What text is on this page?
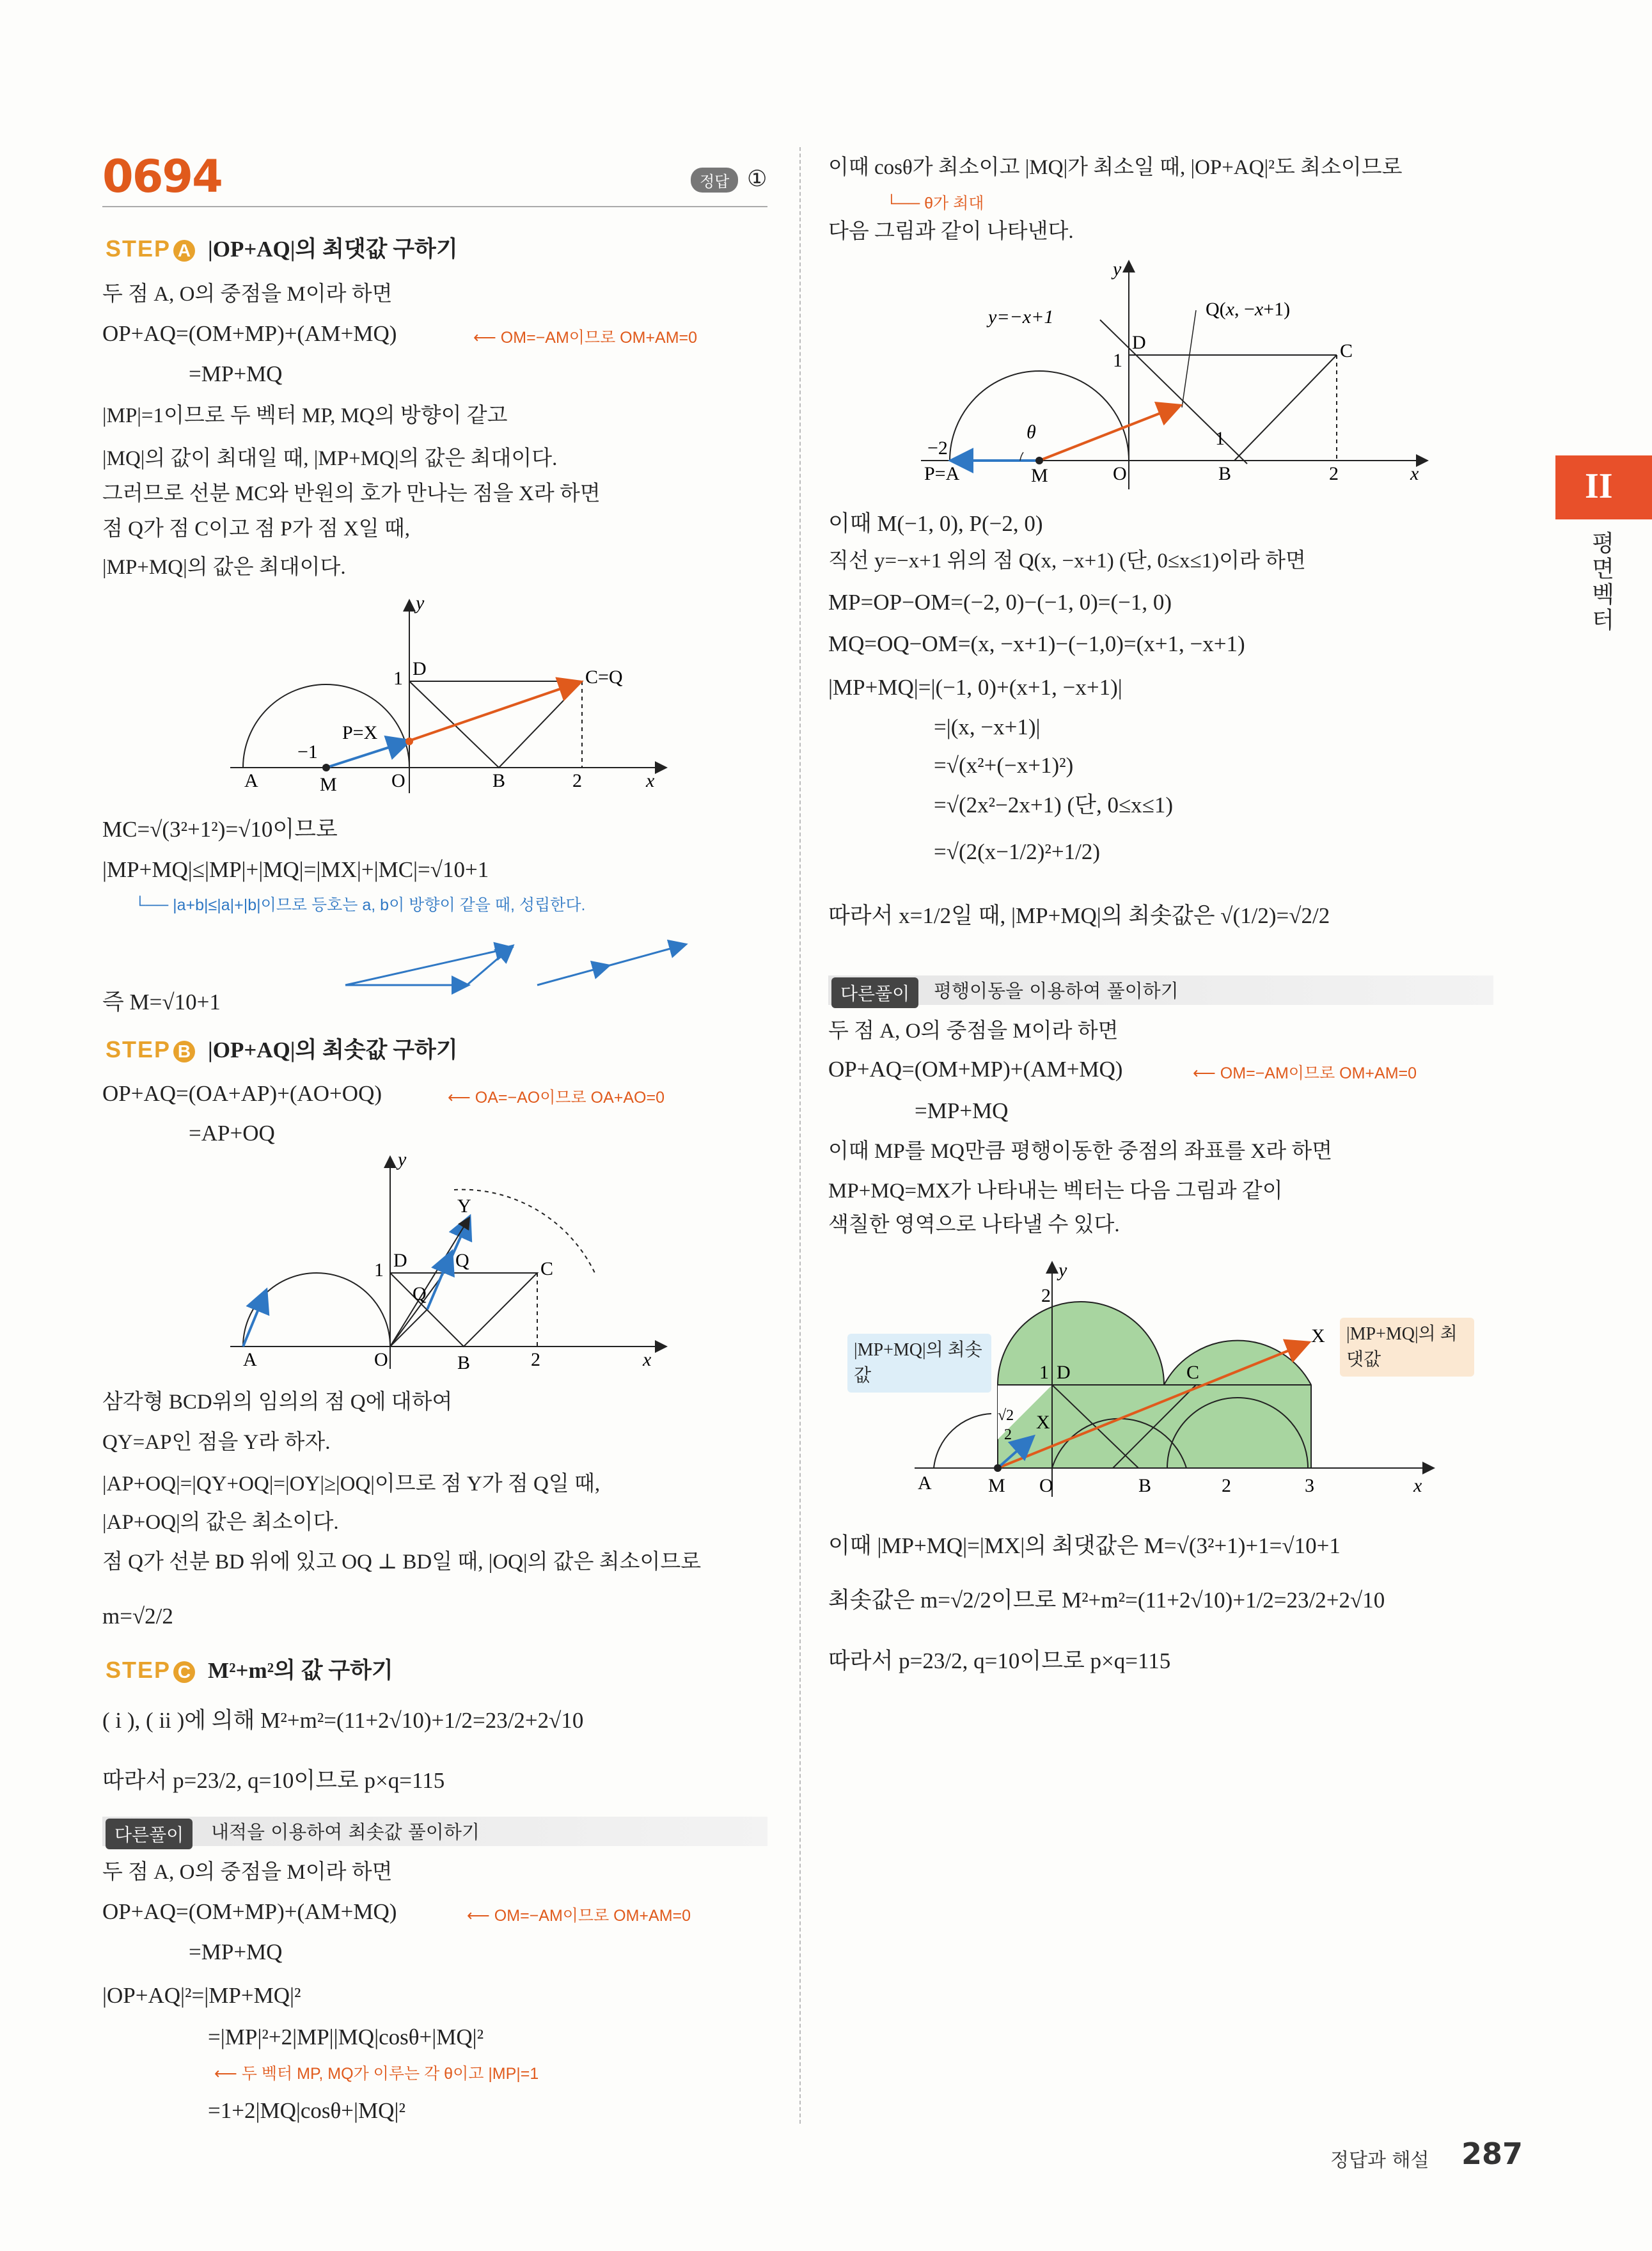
0694	정답 ①
STEP A |OP+AQ|의 최댓값 구하기
두 점 A, O의 중점을 M이라 하면
OP+AQ=(OM+MP)+(AM+MQ)	⟵ OM=−AM이므로 OM+AM=0
=MP+MQ
|MP|=1이므로 두 벡터 MP, MQ의 방향이 같고
|MQ|의 값이 최대일 때, |MP+MQ|의 값은 최대이다.
그러므로 선분 MC와 반원의 호가 만나는 점을 X라 하면
점 Q가 점 C이고 점 P가 점 X일 때,
|MP+MQ|의 값은 최대이다.
y
D
1	C=Q
P=X
−1
A	M	O	B	2	x
MC=√(3²+1²)=√10이므로
|MP+MQ|≤|MP|+|MQ|=|MX|+|MC|=√10+1
└── |a+b|≤|a|+|b|이므로 등호는 a, b이 방향이 같을 때, 성립한다.
즉 M=√10+1
STEP B |OP+AQ|의 최솟값 구하기
OP+AQ=(OA+AP)+(AO+OQ)	⟵ OA=−AO이므로 OA+AO=0
=AP+OQ
y
Y
D
1	Q	C
Q
A	O	B	2	x
삼각형 BCD위의 임의의 점 Q에 대하여
QY=AP인 점을 Y라 하자.
|AP+OQ|=|QY+OQ|=|OY|≥|OQ|이므로 점 Y가 점 Q일 때,
|AP+OQ|의 값은 최소이다.
점 Q가 선분 BD 위에 있고 OQ ⊥ BD일 때, |OQ|의 값은 최소이므로
m=√2/2
STEP C M²+m²의 값 구하기
( i ), ( ii )에 의해 M²+m²=(11+2√10)+1/2=23/2+2√10
따라서 p=23/2, q=10이므로 p×q=115
다른풀이	내적을 이용하여 최솟값 풀이하기
두 점 A, O의 중점을 M이라 하면
OP+AQ=(OM+MP)+(AM+MQ)	⟵ OM=−AM이므로 OM+AM=0
=MP+MQ
|OP+AQ|²=|MP+MQ|²
=|MP|²+2|MP||MQ|cosθ+|MQ|²
⟵ 두 벡터 MP, MQ가 이루는 각 θ이고 |MP|=1
=1+2|MQ|cosθ+|MQ|²
이때 cosθ가 최소이고 |MQ|가 최소일 때, |OP+AQ|²도 최소이므로
└── θ가 최대
다음 그림과 같이 나타낸다.
y
y=−x+1	Q(x, −x+1)
D
1	C
θ	1
−2
P=A	M	O	B	2	x
이때 M(−1, 0), P(−2, 0)
직선 y=−x+1 위의 점 Q(x, −x+1) (단, 0≤x≤1)이라 하면
MP=OP−OM=(−2, 0)−(−1, 0)=(−1, 0)
MQ=OQ−OM=(x, −x+1)−(−1,0)=(x+1, −x+1)
|MP+MQ|=|(−1, 0)+(x+1, −x+1)|
=|(x, −x+1)|
=√(x²+(−x+1)²)
=√(2x²−2x+1) (단, 0≤x≤1)
=√(2(x−1/2)²+1/2)
따라서 x=1/2일 때, |MP+MQ|의 최솟값은 √(1/2)=√2/2
다른풀이	평행이동을 이용하여 풀이하기
두 점 A, O의 중점을 M이라 하면
OP+AQ=(OM+MP)+(AM+MQ)	⟵ OM=−AM이므로 OM+AM=0
=MP+MQ
이때 MP를 MQ만큼 평행이동한 중점의 좌표를 X라 하면
MP+MQ=MX가 나타내는 벡터는 다음 그림과 같이
색칠한 영역으로 나타낼 수 있다.
y
2
1 D	C
X
X
√2
2
A	M O	B	2	3	x
|MP+MQ|의 최솟값
|MP+MQ|의 최댓값
이때 |MP+MQ|=|MX|의 최댓값은 M=√(3²+1)+1=√10+1
최솟값은 m=√2/2이므로 M²+m²=(11+2√10)+1/2=23/2+2√10
따라서 p=23/2, q=10이므로 p×q=115
II
평면벡터
정답과 해설 287
